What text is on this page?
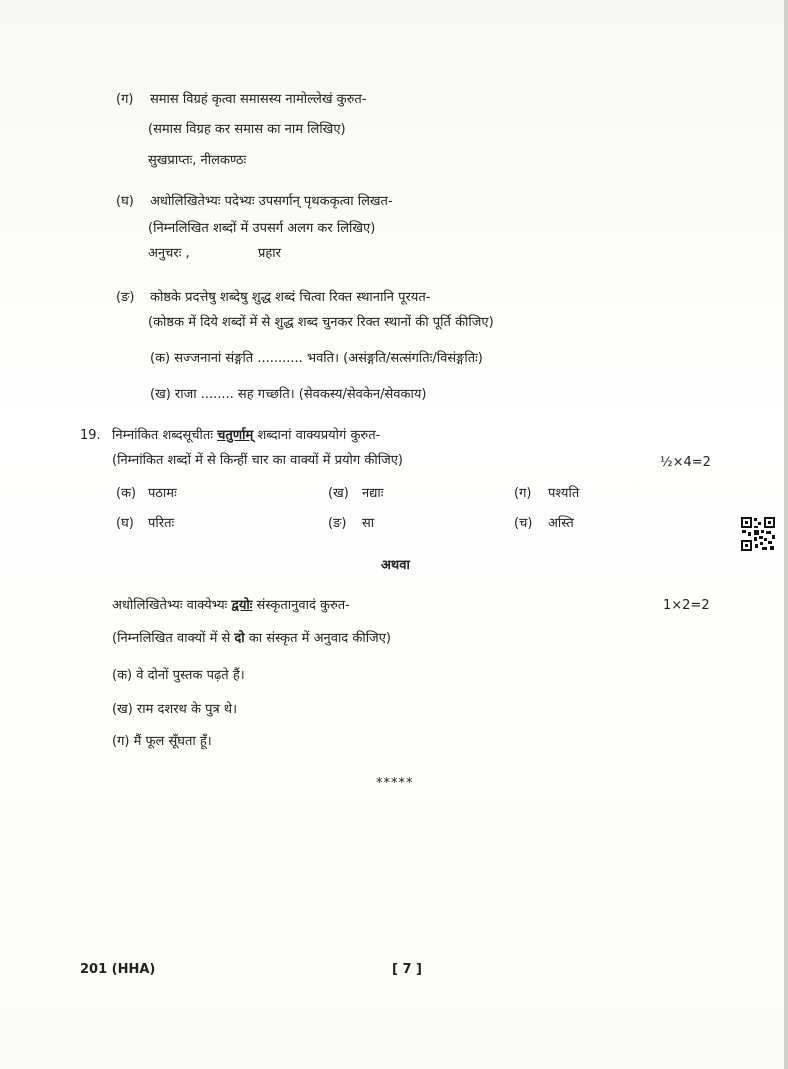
(ग) समास विग्रहं कृत्वा समासस्य नामोल्लेखं कुरुत-
(समास विग्रह कर समास का नाम लिखिए)
सुखप्राप्तः, नीलकण्ठः
(घ) अधोलिखितेभ्यः पदेभ्यः उपसर्गान् पृथककृत्वा लिखत-
(निम्नलिखित शब्दों में उपसर्ग अलग कर लिखिए)
अनुचरः ,	प्रहार
(ङ) कोष्ठके प्रदत्तेषु शब्देषु शुद्ध शब्दं चित्वा रिक्त स्थानानि पूरयत-
(कोष्ठक में दिये शब्दों में से शुद्ध शब्द चुनकर रिक्त स्थानों की पूर्ति कीजिए)
(क) सज्जनानां संङ्गति ........... भवति। (असंङ्गति/सत्संगतिः/विसंङ्गतिः)
(ख) राजा ........ सह गच्छति। (सेवकस्य/सेवकेन/सेवकाय)
19. निम्नांकित शब्दसूचीतः चतुर्णाम् शब्दानां वाक्यप्रयोगं कुरुत-
(निम्नांकित शब्दों में से किन्हीं चार का वाक्यों में प्रयोग कीजिए)	½×4=2
(क) पठामः	(ख) नद्याः	(ग) पश्यति
(घ) परितः	(ङ) सा	(च) अस्ति
अथवा
अधोलिखितेभ्यः वाक्येभ्यः द्वयोः संस्कृतानुवादं कुरुत-	1×2=2
(निम्नलिखित वाक्यों में से दो का संस्कृत में अनुवाद कीजिए)
(क) वे दोनों पुस्तक पढ़ते हैं।
(ख) राम दशरथ के पुत्र थे।
(ग) मैं फूल सूँघता हूँ।
*****
201 (HHA)	[ 7 ]
